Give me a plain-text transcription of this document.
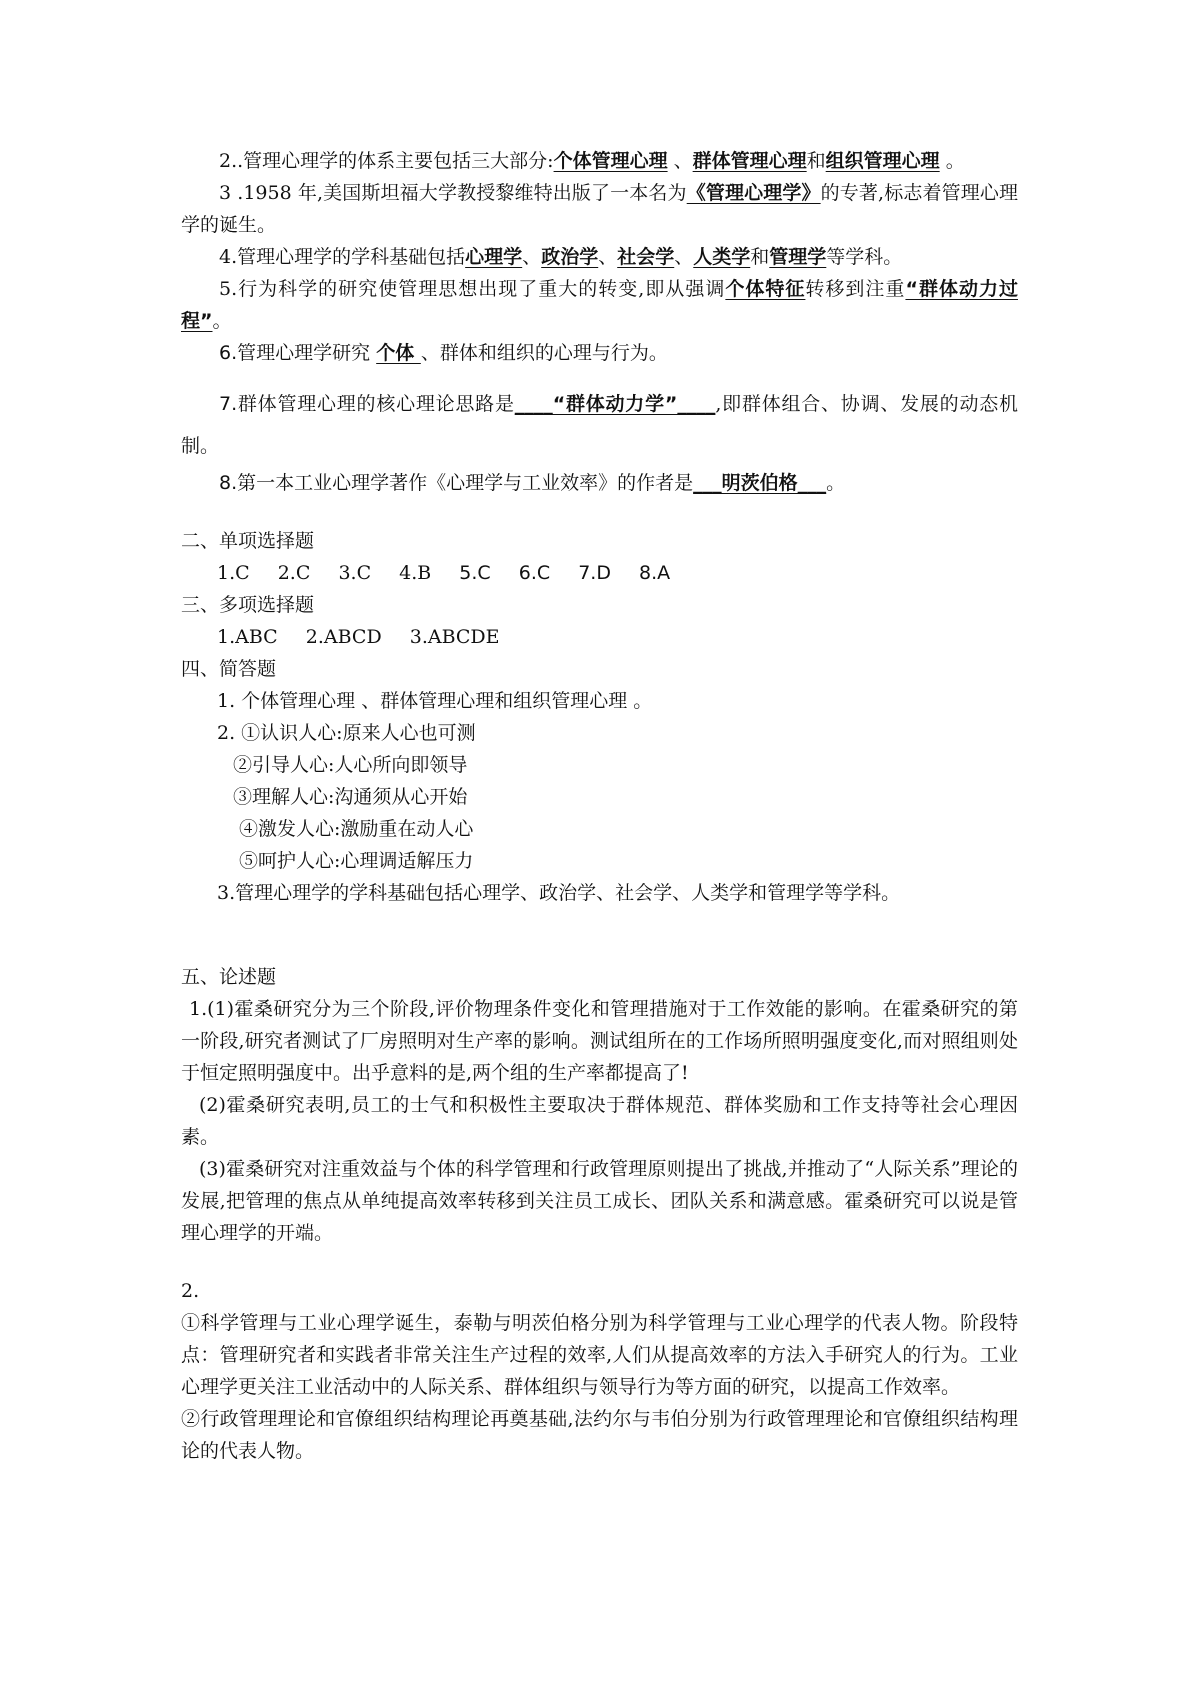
2..管理心理学的体系主要包括三大部分:个体管理心理 、群体管理心理和组织管理心理 。

3 .1958 年,美国斯坦福大学教授黎维特出版了一本名为《管理心理学》的专著,标志着管理心理学的诞生。

4.管理心理学的学科基础包括心理学、政治学、社会学、人类学和管理学等学科。

5.行为科学的研究使管理思想出现了重大的转变,即从强调个体特征转移到注重“群体动力过程”。

6.管理心理学研究 个体 、群体和组织的心理与行为。

7.群体管理心理的核心理论思路是____“群体动力学”____,即群体组合、协调、发展的动态机制。

8.第一本工业心理学著作《心理学与工业效率》的作者是___明茨伯格___。

二、单项选择题

1.C 2.C 3.C 4.B 5.C 6.C 7.D 8.A

三、多项选择题

1.ABC 2.ABCD 3.ABCDE

四、简答题

1. 个体管理心理 、群体管理心理和组织管理心理 。

2. ①认识人心:原来人心也可测

②引导人心:人心所向即领导

③理解人心:沟通须从心开始

④激发人心:激励重在动人心

⑤呵护人心:心理调适解压力

3.管理心理学的学科基础包括心理学、政治学、社会学、人类学和管理学等学科。

五、论述题

1.(1)霍桑研究分为三个阶段,评价物理条件变化和管理措施对于工作效能的影响。在霍桑研究的第一阶段,研究者测试了厂房照明对生产率的影响。测试组所在的工作场所照明强度变化,而对照组则处于恒定照明强度中。出乎意料的是,两个组的生产率都提高了!

(2)霍桑研究表明,员工的士气和积极性主要取决于群体规范、群体奖励和工作支持等社会心理因素。

(3)霍桑研究对注重效益与个体的科学管理和行政管理原则提出了挑战,并推动了“人际关系”理论的发展,把管理的焦点从单纯提高效率转移到关注员工成长、团队关系和满意感。霍桑研究可以说是管理心理学的开端。

2.

①科学管理与工业心理学诞生，泰勒与明茨伯格分别为科学管理与工业心理学的代表人物。阶段特点：管理研究者和实践者非常关注生产过程的效率,人们从提高效率的方法入手研究人的行为。工业心理学更关注工业活动中的人际关系、群体组织与领导行为等方面的研究，以提高工作效率。

②行政管理理论和官僚组织结构理论再奠基础,法约尔与韦伯分别为行政管理理论和官僚组织结构理论的代表人物。
